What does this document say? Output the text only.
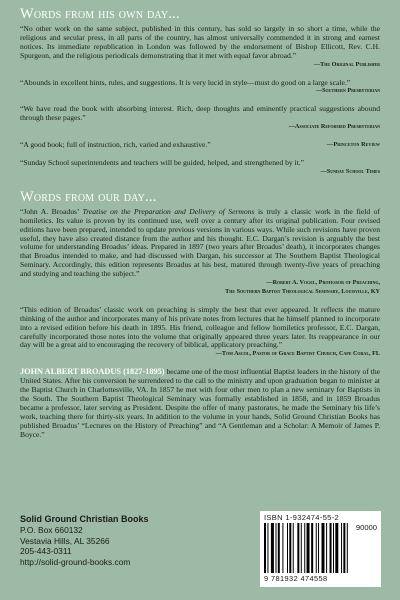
Words from his own day...
“No other work on the same subject, published in this century, has sold so largely in so short a time, while the religious and secular press, in all parts of the country, has almost universally commended it in strong and earnest notices. Its immediate republication in London was followed by the endorsement of Bishop Ellicott, Rev. C.H. Spurgeon, and the religious periodicals demonstrating that it met with equal favor abroad.”
—The Original Publisher
“Abounds in excellent hints, rules, and suggestions. It is very lucid in style—must do good on a large scale.”
—Southern Presbyterian
“We have read the book with absorbing interest. Rich, deep thoughts and eminently practical suggestions abound through these pages.”
—Associate Reformed Presbyterian
“A good book; full of instruction, rich, varied and exhaustive.”	—Princeton Review
“Sunday School superintendents and teachers will be guided, helped, and strengthened by it.”
—Sunday School Times
Words from our day...
“John A. Broadus’ Treatise on the Preparation and Delivery of Sermons is truly a classic work in the field of homiletics. Its value is proven by its continued use, well over a century after its original publication. Four revised editions have been prepared, intended to update previous versions in various ways. While such revisions have proven useful, they have also created distance from the author and his thought. E.C. Dargan’s revision is arguably the best volume for understanding Broadus’ ideas. Prepared in 1897 (two years after Broadus’ death), it incorporates changes that Broadus intended to make, and had discussed with Dargan, his successor at The Southern Baptist Theological Seminary. Accordingly, this edition represents Broadus at his best, matured through twenty-five years of preaching and studying and teaching the subject.”
—Robert A. Vogel, Professor of Preaching,
The Southern Baptist Theological Seminary, Louisville, KY
“This edition of Broadus’ classic work on preaching is simply the best that ever appeared. It reflects the mature thinking of the author and incorporates many of his private notes from lectures that he himself planned to incorporate into a revised edition before his death in 1895. His friend, colleague and fellow homiletics professor, E.C. Dargan, carefully incorporated those notes into the volume that originally appeared three years later. Its reappearance in our day will be a great aid to encouraging the recovery of biblical, applicatory preaching.”
—Tom Ascol, Pastor of Grace Baptist Church, Cape Coral, FL
JOHN ALBERT BROADUS (1827-1895) became one of the most influential Baptist leaders in the history of the United States. After his conversion he surrendered to the call to the ministry and upon graduation began to minister at the Baptist Church in Charlottesville, VA. In 1857 he met with four other men to plan a new seminary for Baptists in the South. The Southern Baptist Theological Seminary was formally established in 1858, and in 1859 Broadus became a professor, later serving as President. Despite the offer of many pastorates, he made the Seminary his life’s work, teaching there for thirty-six years. In addition to the volume in your hands, Solid Ground Christian Books has published Broadus’ “Lectures on the History of Preaching” and “A Gentleman and a Scholar: A Memoir of James P. Boyce.”
Solid Ground Christian Books
P.O. Box 660132
Vestavia Hills, AL 35266
205-443-0311
http://solid-ground-books.com
ISBN 1-932474-55-2
90000
9 781932 474558
